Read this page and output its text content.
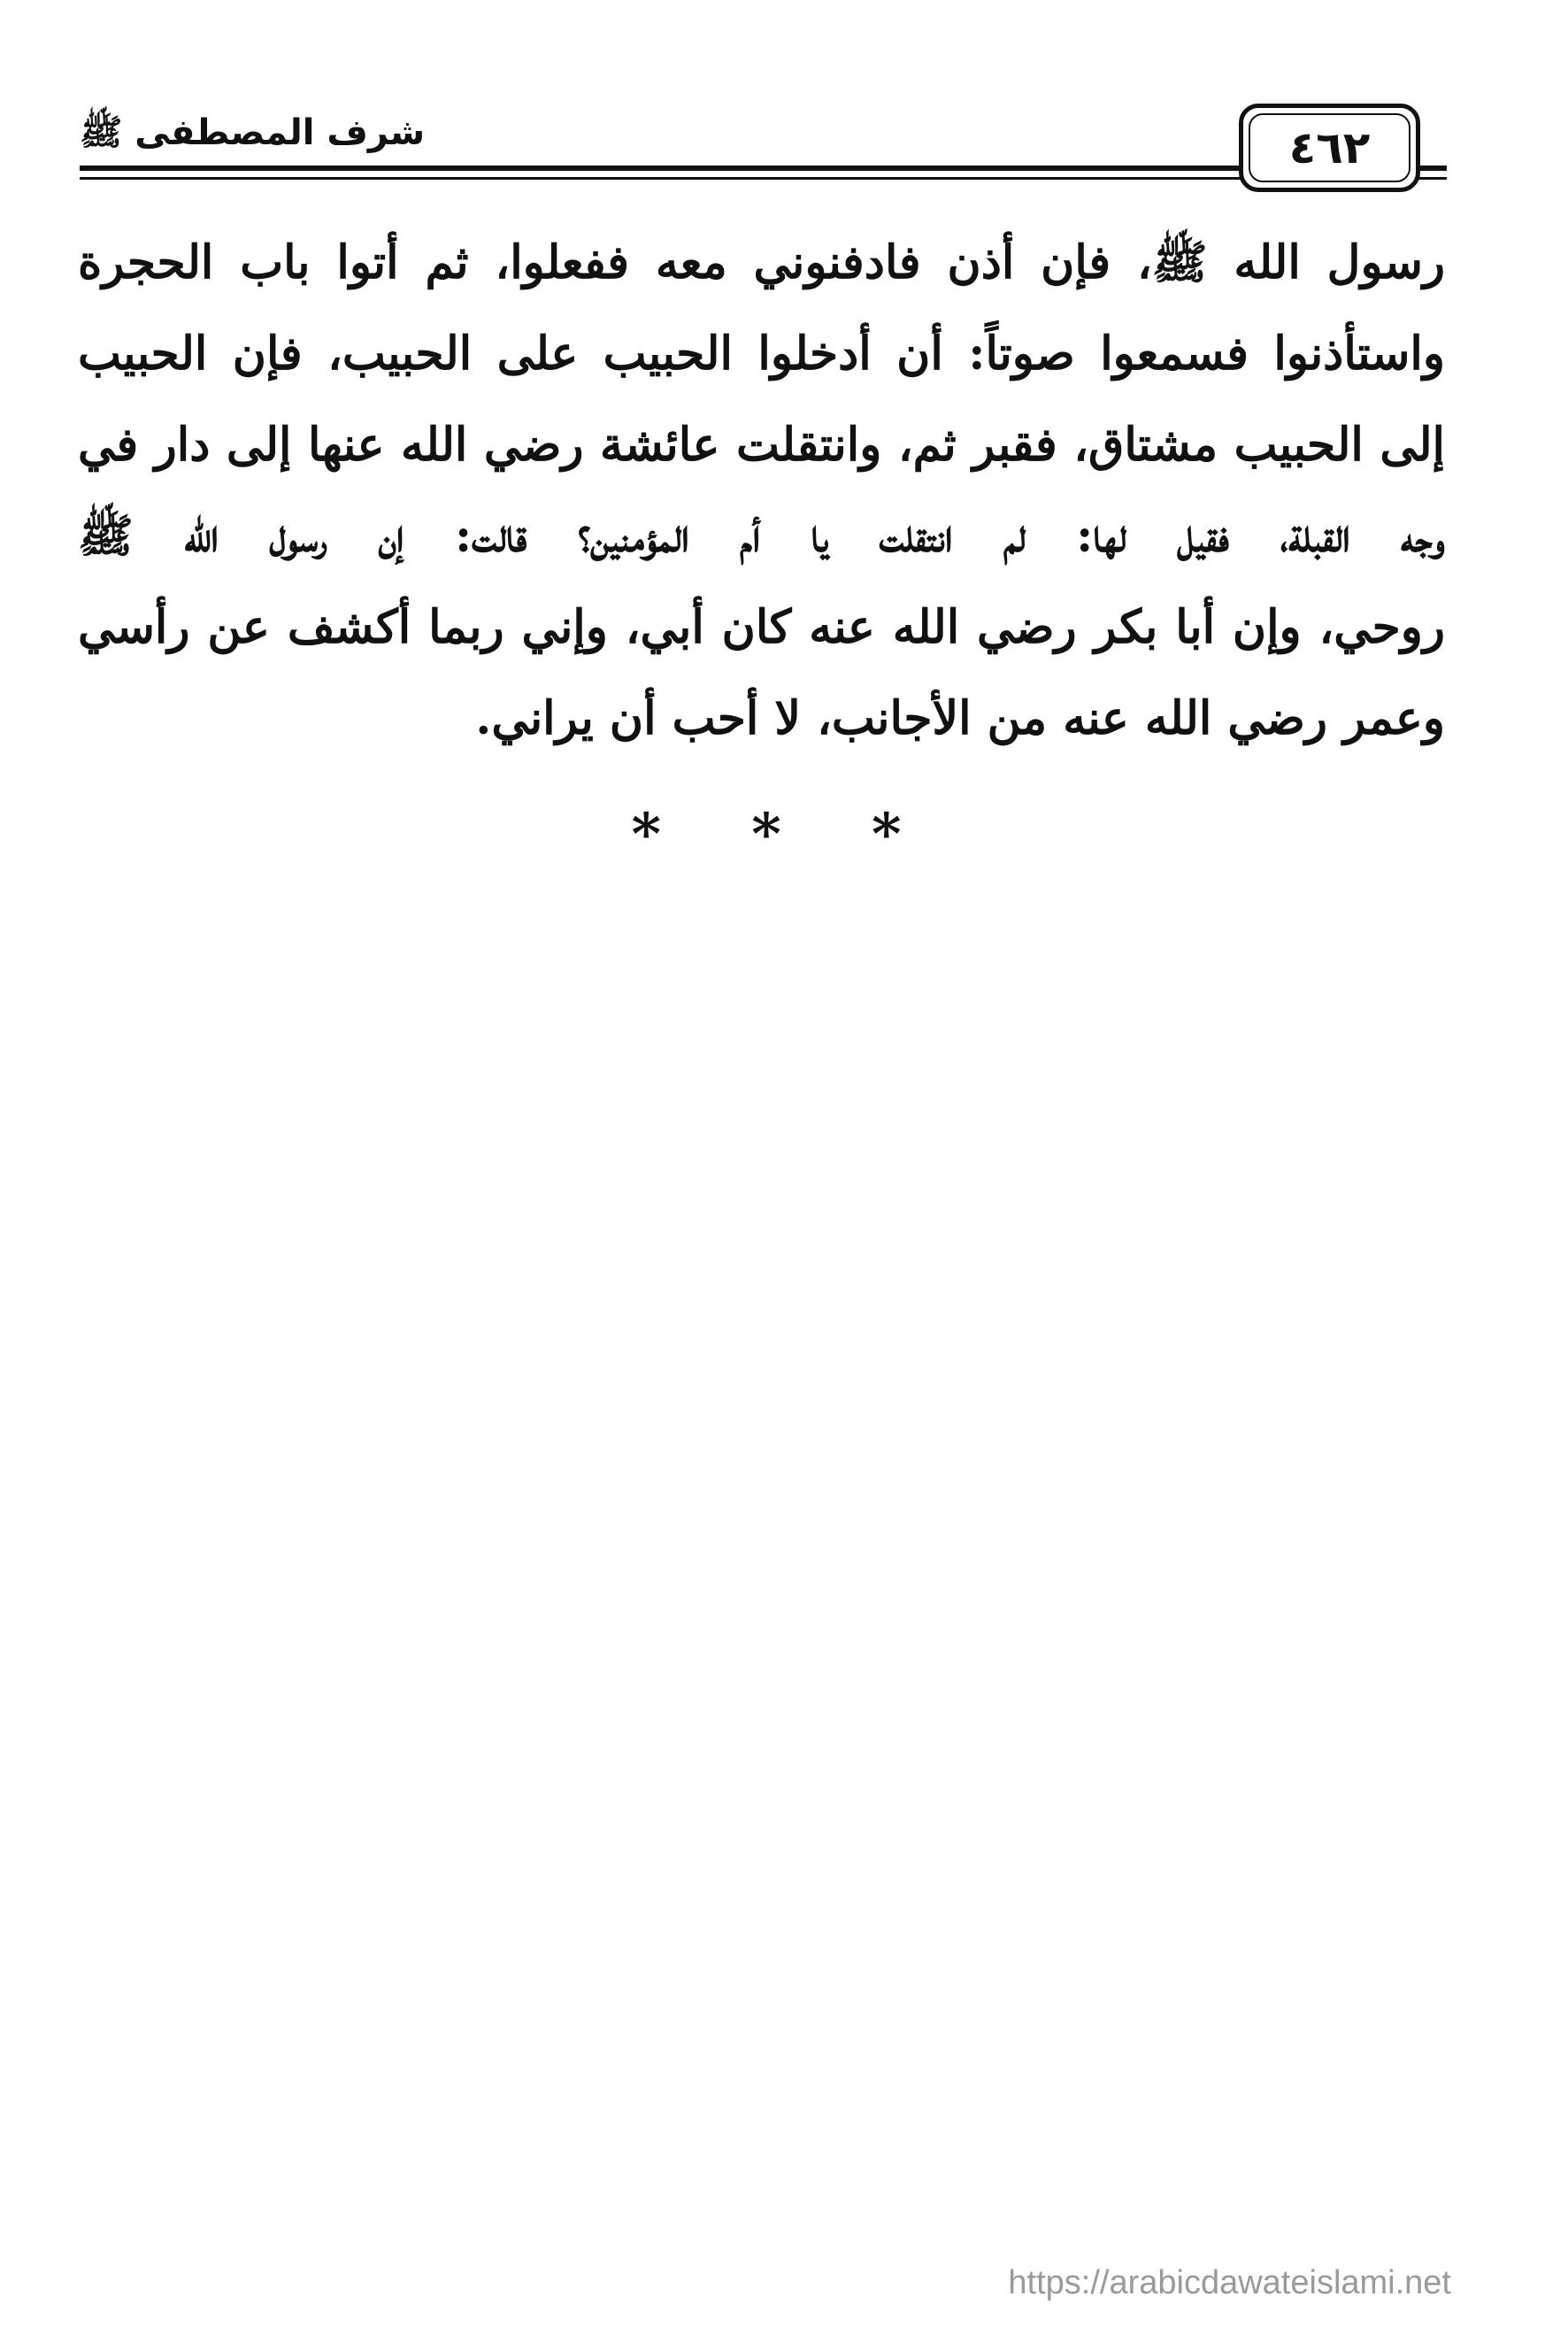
شرف المصطفى ﷺ	٤٦٢
رسول الله ﷺ، فإن أذن فادفنوني معه ففعلوا، ثم أتوا باب الحجرة
واستأذنوا فسمعوا صوتاً: أن أدخلوا الحبيب على الحبيب، فإن الحبيب
إلى الحبيب مشتاق، فقبر ثم، وانتقلت عائشة رضي الله عنها إلى دار في
وجه القبلة، فقيل لها: لم انتقلت يا أم المؤمنين؟ قالت: إن رسول الله ﷺ
روحي، وإن أبا بكر رضي الله عنه كان أبي، وإني ربما أكشف عن رأسي
وعمر رضي الله عنه من الأجانب، لا أحب أن يراني.
* * *
https://arabicdawateislami.net
